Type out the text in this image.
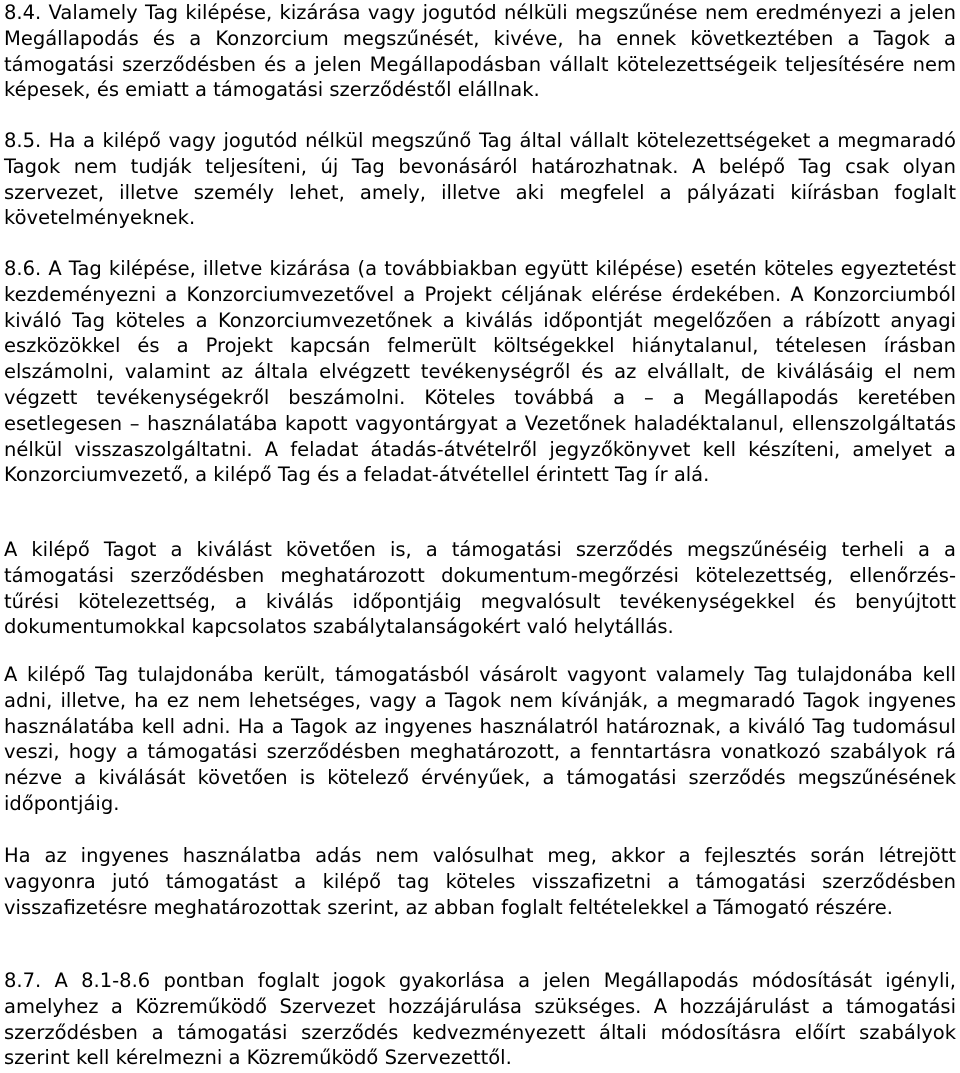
8.4. Valamely Tag kilépése, kizárása vagy jogutód nélküli megszűnése nem eredményezi a jelen Megállapodás és a Konzorcium megszűnését, kivéve, ha ennek következtében a Tagok a támogatási szerződésben és a jelen Megállapodásban vállalt kötelezettségeik teljesítésére nem képesek, és emiatt a támogatási szerződéstől elállnak.

8.5. Ha a kilépő vagy jogutód nélkül megszűnő Tag által vállalt kötelezettségeket a megmaradó Tagok nem tudják teljesíteni, új Tag bevonásáról határozhatnak. A belépő Tag csak olyan szervezet, illetve személy lehet, amely, illetve aki megfelel a pályázati kiírásban foglalt követelményeknek.

8.6. A Tag kilépése, illetve kizárása (a továbbiakban együtt kilépése) esetén köteles egyeztetést kezdeményezni a Konzorciumvezetővel a Projekt céljának elérése érdekében. A Konzorciumból kiváló Tag köteles a Konzorciumvezetőnek a kiválás időpontját megelőzően a rábízott anyagi eszközökkel és a Projekt kapcsán felmerült költségekkel hiánytalanul, tételesen írásban elszámolni, valamint az általa elvégzett tevékenységről és az elvállalt, de kiválásáig el nem végzett tevékenységekről beszámolni. Köteles továbbá a – a Megállapodás keretében esetlegesen – használatába kapott vagyontárgyat a Vezetőnek haladéktalanul, ellenszolgáltatás nélkül visszaszolgáltatni. A feladat átadás-átvételről jegyzőkönyvet kell készíteni, amelyet a Konzorciumvezető, a kilépő Tag és a feladat-átvétellel érintett Tag ír alá.

A kilépő Tagot a kiválást követően is, a támogatási szerződés megszűnéséig terheli a a támogatási szerződésben meghatározott dokumentum-megőrzési kötelezettség, ellenőrzés-tűrési kötelezettség, a kiválás időpontjáig megvalósult tevékenységekkel és benyújtott dokumentumokkal kapcsolatos szabálytalanságokért való helytállás.

A kilépő Tag tulajdonába került, támogatásból vásárolt vagyont valamely Tag tulajdonába kell adni, illetve, ha ez nem lehetséges, vagy a Tagok nem kívánják, a megmaradó Tagok ingyenes használatába kell adni. Ha a Tagok az ingyenes használatról határoznak, a kiváló Tag tudomásul veszi, hogy a támogatási szerződésben meghatározott, a fenntartásra vonatkozó szabályok rá nézve a kiválását követően is kötelező érvényűek, a támogatási szerződés megszűnésének időpontjáig.

Ha az ingyenes használatba adás nem valósulhat meg, akkor a fejlesztés során létrejött vagyonra jutó támogatást a kilépő tag köteles visszafizetni a támogatási szerződésben visszafizetésre meghatározottak szerint, az abban foglalt feltételekkel a Támogató részére.

8.7. A 8.1-8.6 pontban foglalt jogok gyakorlása a jelen Megállapodás módosítását igényli, amelyhez a Közreműködő Szervezet hozzájárulása szükséges. A hozzájárulást a támogatási szerződésben a támogatási szerződés kedvezményezett általi módosításra előírt szabályok szerint kell kérelmezni a Közreműködő Szervezettől.
